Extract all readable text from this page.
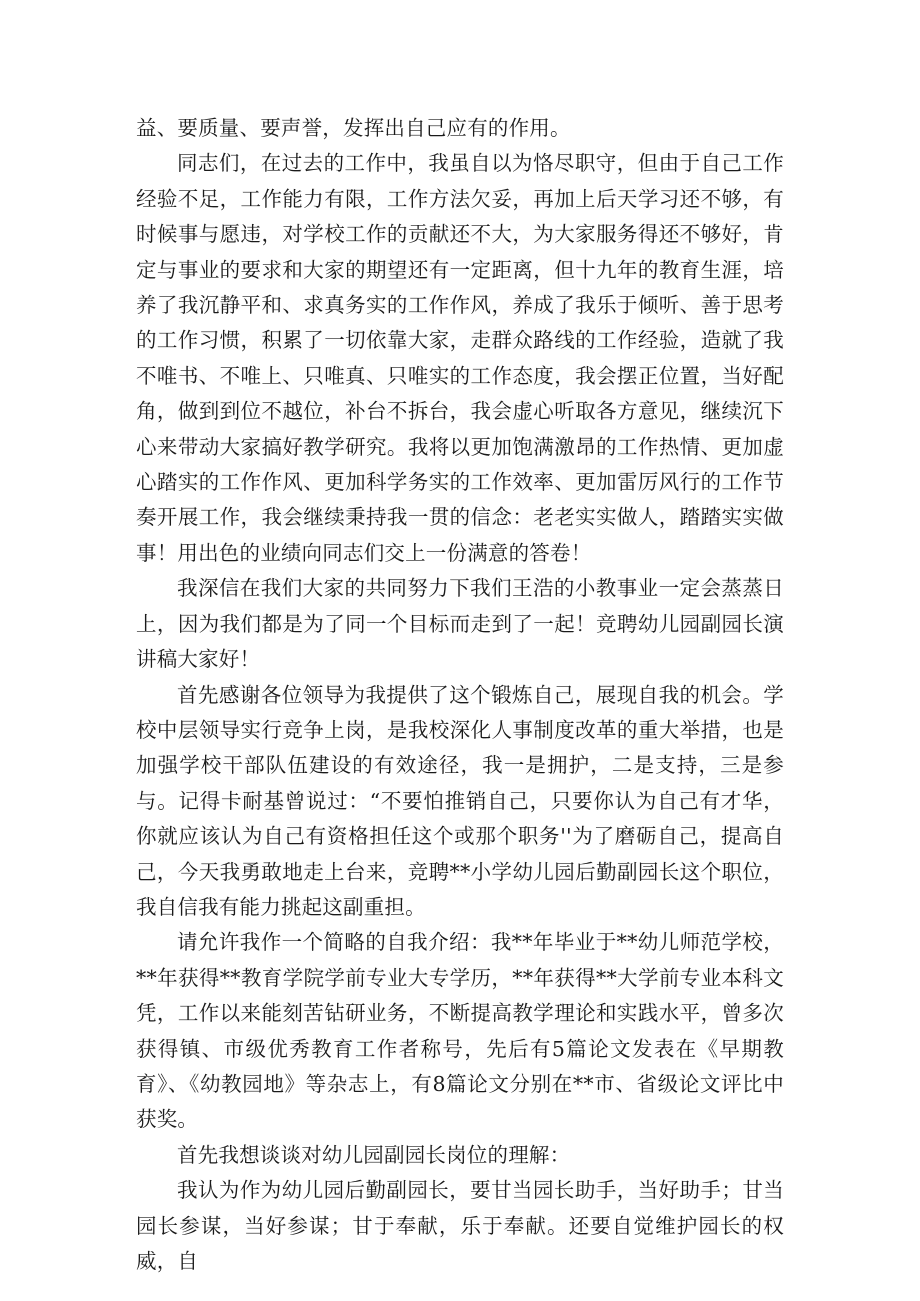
益、要质量、要声誉，发挥出自己应有的作用。

同志们，在过去的工作中，我虽自以为恪尽职守，但由于自己工作经验不足，工作能力有限，工作方法欠妥，再加上后天学习还不够，有时候事与愿违，对学校工作的贡献还不大，为大家服务得还不够好，肯定与事业的要求和大家的期望还有一定距离，但十九年的教育生涯，培养了我沉静平和、求真务实的工作作风，养成了我乐于倾听、善于思考的工作习惯，积累了一切依靠大家，走群众路线的工作经验，造就了我不唯书、不唯上、只唯真、只唯实的工作态度，我会摆正位置，当好配角，做到到位不越位，补台不拆台，我会虚心听取各方意见，继续沉下心来带动大家搞好教学研究。我将以更加饱满激昂的工作热情、更加虚心踏实的工作作风、更加科学务实的工作效率、更加雷厉风行的工作节奏开展工作，我会继续秉持我一贯的信念：老老实实做人，踏踏实实做事！用出色的业绩向同志们交上一份满意的答卷！

我深信在我们大家的共同努力下我们王浩的小教事业一定会蒸蒸日上，因为我们都是为了同一个目标而走到了一起！竞聘幼儿园副园长演讲稿大家好！

首先感谢各位领导为我提供了这个锻炼自己，展现自我的机会。学校中层领导实行竞争上岗，是我校深化人事制度改革的重大举措，也是加强学校干部队伍建设的有效途径，我一是拥护，二是支持，三是参与。记得卡耐基曾说过：“不要怕推销自己，只要你认为自己有才华，你就应该认为自己有资格担任这个或那个职务''为了磨砺自己，提高自己，今天我勇敢地走上台来，竞聘**小学幼儿园后勤副园长这个职位，我自信我有能力挑起这副重担。

请允许我作一个简略的自我介绍：我**年毕业于**幼儿师范学校，**年获得**教育学院学前专业大专学历，**年获得**大学前专业本科文凭，工作以来能刻苦钻研业务，不断提高教学理论和实践水平，曾多次获得镇、市级优秀教育工作者称号，先后有5篇论文发表在《早期教育》、《幼教园地》等杂志上，有8篇论文分别在**市、省级论文评比中获奖。

首先我想谈谈对幼儿园副园长岗位的理解：

我认为作为幼儿园后勤副园长，要甘当园长助手，当好助手；甘当园长参谋，当好参谋；甘于奉献，乐于奉献。还要自觉维护园长的权威，自
